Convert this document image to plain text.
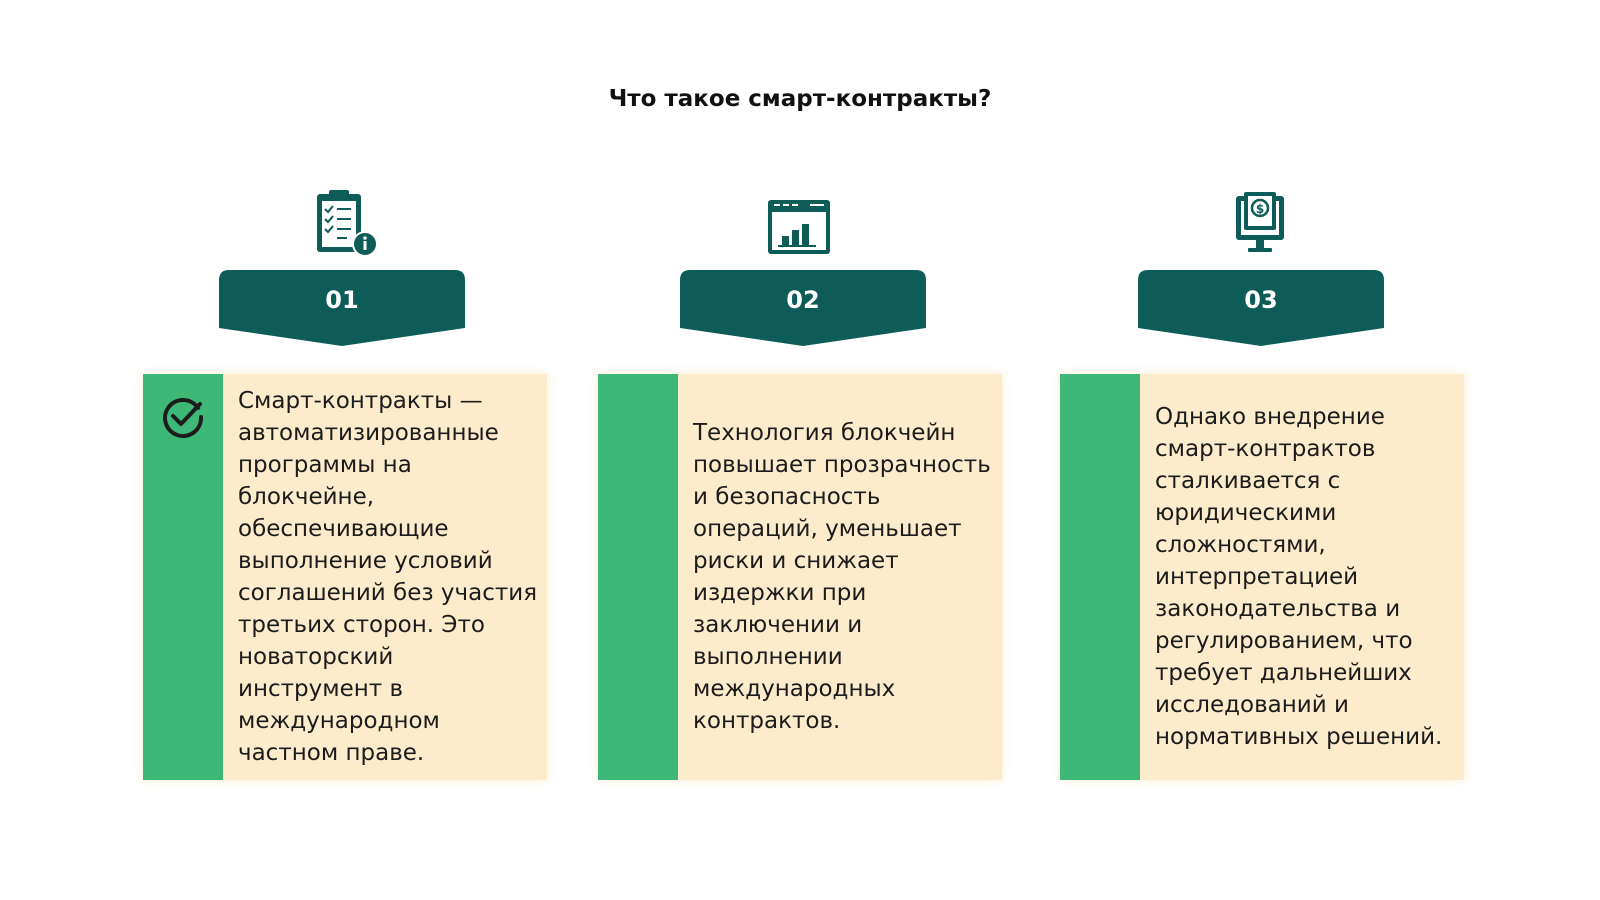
Что такое смарт-контракты?
01	02
$
03
Смарт-контракты — автоматизированные программы на блокчейне, обеспечивающие выполнение условий соглашений без участия третьих сторон. Это новаторский инструмент в международном частном праве.
Технология блокчейн повышает прозрачность и безопасность операций, уменьшает риски и снижает издержки при заключении и выполнении международных контрактов.
Однако внедрение смарт-контрактов сталкивается с юридическими сложностями, интерпретацией законодательства и регулированием, что требует дальнейших исследований и нормативных решений.
